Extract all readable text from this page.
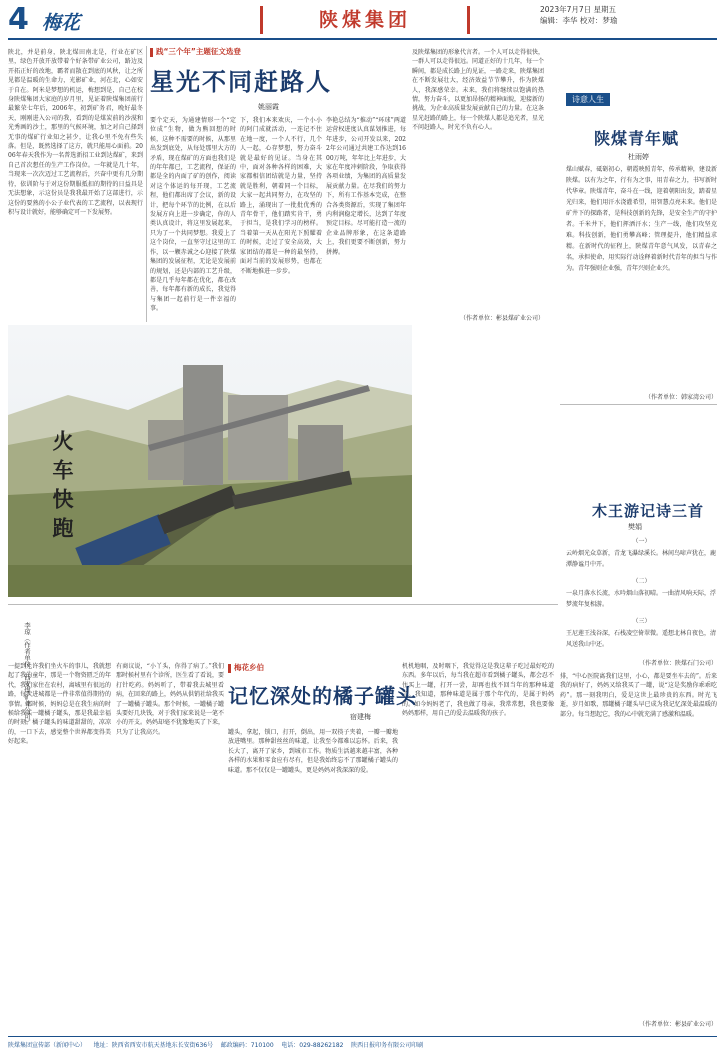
4 梅花	陕煤集团	2023年7月7日 星期五
编辑：李华 校对：梦瑜
践“三个年”主题征文选登
星光不同赶路人
姚丽霞
陕北，并是前身，陕北煤田南北是，行业在矿区里，绿色开放开放带着个好条带矿业公司，路边及开拓正好的改地，霸者而散在到底的风秋，让之所见都是温暖的生命力，光影矿业，河在北，心如安于自在。阿米是梦想的机运，梅想到是，自己在校身陕煤集团大家庭的岁月里，见证着陕煤集团前行最繁荣七年后，2006年，初到矿务君，晚好最冬天，刚刚进入公司的我，看到的是煤炭前的沙漠和光秀画的沙土，那里的气候环境，加之对自己择到无事的煤矿行业知之甚少，让我心里不免有些失落。但是，既然选择了这方，就只能用心面前。2006年春天我作为一名普选新招工业到达煤矿，来到自己首次想任的生产工作岗位。一年就是几十年，当现来一次次迈过工艺流程后，兴奋中更有几分期待，依训阶与于对这份期服抵扣的期待的日益具是无法想象，示这份员是我我最开始了这部进行，示这份的要熟的小公子业代表的工艺流程，以表现行积与设计就好，能够确定可一下发展努。
要个定天，为通建情形一个“定位成”生物，做为熊回想的时候，这种不需要的时候，从那里出发到底处，从每处那里大方的矛盾，现在煤矿的方面也我们是的年年都已，工艺流程，保证的都是全的内面了矿的创作，阅读对这个体运的每开现，工艺流程，他们都出席了会议，新的设计，把每个环节的比例，在以后发展方向上进一步确定，你的人类认真设计，将这里发展起来，只为了一个共同梦想。我爱上了这个岗位，一直坚守过这里的工作，以一颗赤诚之心迎接了陕煤集团的发展征程，无论是发展前的规划，还是内部的工艺升级，都是几乎每年都在优化，都在改善，每年都有新的成长，我觉得与集团一起前行是一件幸福的事。
下，我们本来欢庆，一个小小的阿门成就活动，一连记不住在地一度，一个人不行，几个人一起，心存梦想，努力奋斗就是最好的见证。当身在其中，面对各种各样的困难，大家都相信团结就是力量，坚持就是胜利，朝着同一个目标，大家一起共同努力，在攻坚的路上，涌现出了一批批优秀的青年骨干，他们踏实肯干，勇于担当，是我们学习的榜样。当着第一天从在阳光下照耀着的时候，走过了安全高效，大家团结的都是一种的最坚持，面对当前的发展形势，也都在不断地推进一步步。
李艳总结为“推动”“环球”两道运营权进度认真谋划推进，每年进步，公司开发以来，2022年公司通过共建工作达到1600万吨，年年比上年进步，大家在年度冲刺阶段，争取获得各项业绩，为集团的高质量发展贡献力量。在尽我们的努力下，所有工作基本完成，在整合各类资源后，实现了集团年内利润稳定增长，达到了年度预定目标。尽可能打造一流的企业品牌形象，在这条道路上，我们更要不断创新，努力拼搏。
及陕煤集团的形象代言者。一个人可以走得很快，一群人可以走得很远。同道正好的十几年，每一个瞬间，都是成长路上的见证，一路走来，陕煤集团在不断发展壮大，经济效益节节攀升，作为陕煤人，我深感荣幸。未来，我们将继续以饱满的热情，努力奋斗，以更加昂扬的精神面貌，迎接新的挑战，为企业高质量发展贡献自己的力量。在这条星光赶路的路上，每一个陕煤人都是追光者，星光不问赶路人，时光不负有心人。
（作者单位：彬县煤矿业公司）
火车快跑
李琼（作者单位：西安煤矿业公司）
诗意人生
陕煤青年赋
杜雨婷
煤山赋春，砥砺初心，朝霞映照青年，传承精神，建设新陕煤。以有为之年，行有为之事，用青春之力，书写新时代华章。陕煤青年，奋斗在一线，迎着朝阳出发，踏着星光归来，他们用汗水浇灌希望，用智慧点亮未来。他们是矿井下的探路者，是科技创新的先锋，是安全生产的守护者。千米井下，他们挥洒汗水；生产一线，他们攻坚克难。科技创新，他们勇攀高峰；管理提升，他们精益求精。在新时代的征程上，陕煤青年意气风发，以青春之名，承担使命，用实际行动诠释着新时代青年的担当与作为。青年强则企业强，青年兴则企业兴。
（作者单位：韩家湾公司）
木王游记诗三首
樊娟
（一）
云岭烟光众草新，青龙飞瀑绿溪长。林间鸟啼声犹在，鹿潭静谧月中开。
（二）
一泉月落水长流，水吟烟山落初晴。一曲清风响天际，浮梦流年复相游。
（三）
王尼莲王浅谷深，石栈凌空倚翠微。遥想北林自夜色，清风送我山中还。
（作者单位：陕煤石门公司）
梅花乡伯
记忆深处的橘子罐头
宿建梅
一提到允许我们坐火车的事儿，我就想起了我的童年，那是一个物资匮乏的年代，我们家住在农村，离城里有很远的路，每次进城都是一件非常值得期待的事情。那时候，妈妈总是在我生病的时候给我买一罐橘子罐头，那是我最幸福的时刻。橘子罐头的味道甜甜的，凉凉的，一口下去，感觉整个世界都变得美好起来。
有商议说，“小丫头，你得了病了。”我们那时候村里有个诊所，医生看了看说，要打针吃药。妈妈听了，带着我去城里看病，在回来的路上，妈妈从供销社给我买了一罐橘子罐头。那个时候，一罐橘子罐头要好几块钱，对于我们家来说是一笔不小的开支。妈妈却毫不犹豫地买了下来，只为了让我高兴。	罐头，拿起，锁口，打开，倒出，用一双筷子夹着，一瓣一瓣地放进嘴里。那种甜丝丝的味道，让我至今都难以忘怀。后来，我长大了，离开了家乡，到城市工作。物质生活越来越丰富，各种各样的水果和零食应有尽有，但是我始终忘不了那罐橘子罐头的味道。那不仅仅是一罐罐头，更是妈妈对我深深的爱。
机机地咽，及时咽下，我觉得这是我这辈子吃过最好吃的东西。多年以后，每当我在超市看到橘子罐头，都会忍不住买上一罐，打开一尝，却再也找不回当年的那种味道了。我知道，那种味道是属于那个年代的，是属于妈妈的。如今妈妈老了，我也做了母亲，我常常想，我也要像妈妈那样，用自己的爱去温暖我的孩子。
排，“中心医院离我们这里，小心，都是要坐车去的”。后来我的病好了，妈妈又给我买了一罐，说“这是奖励你乖乖吃药”。那一刻我明白，爱是这世上最珍贵的东西。时光飞逝，岁月如歌，那罐橘子罐头早已成为我记忆深处最温暖的部分。每当想起它，我的心中就充满了感激和温暖。
（作者单位：彬县矿业公司）
陕煤集团宣传部（新闻中心） 地址：陕西省西安市航天基地东长安街636号 邮政编码：710100 电话：029-88262182 陕西日报印务有限公司印刷
